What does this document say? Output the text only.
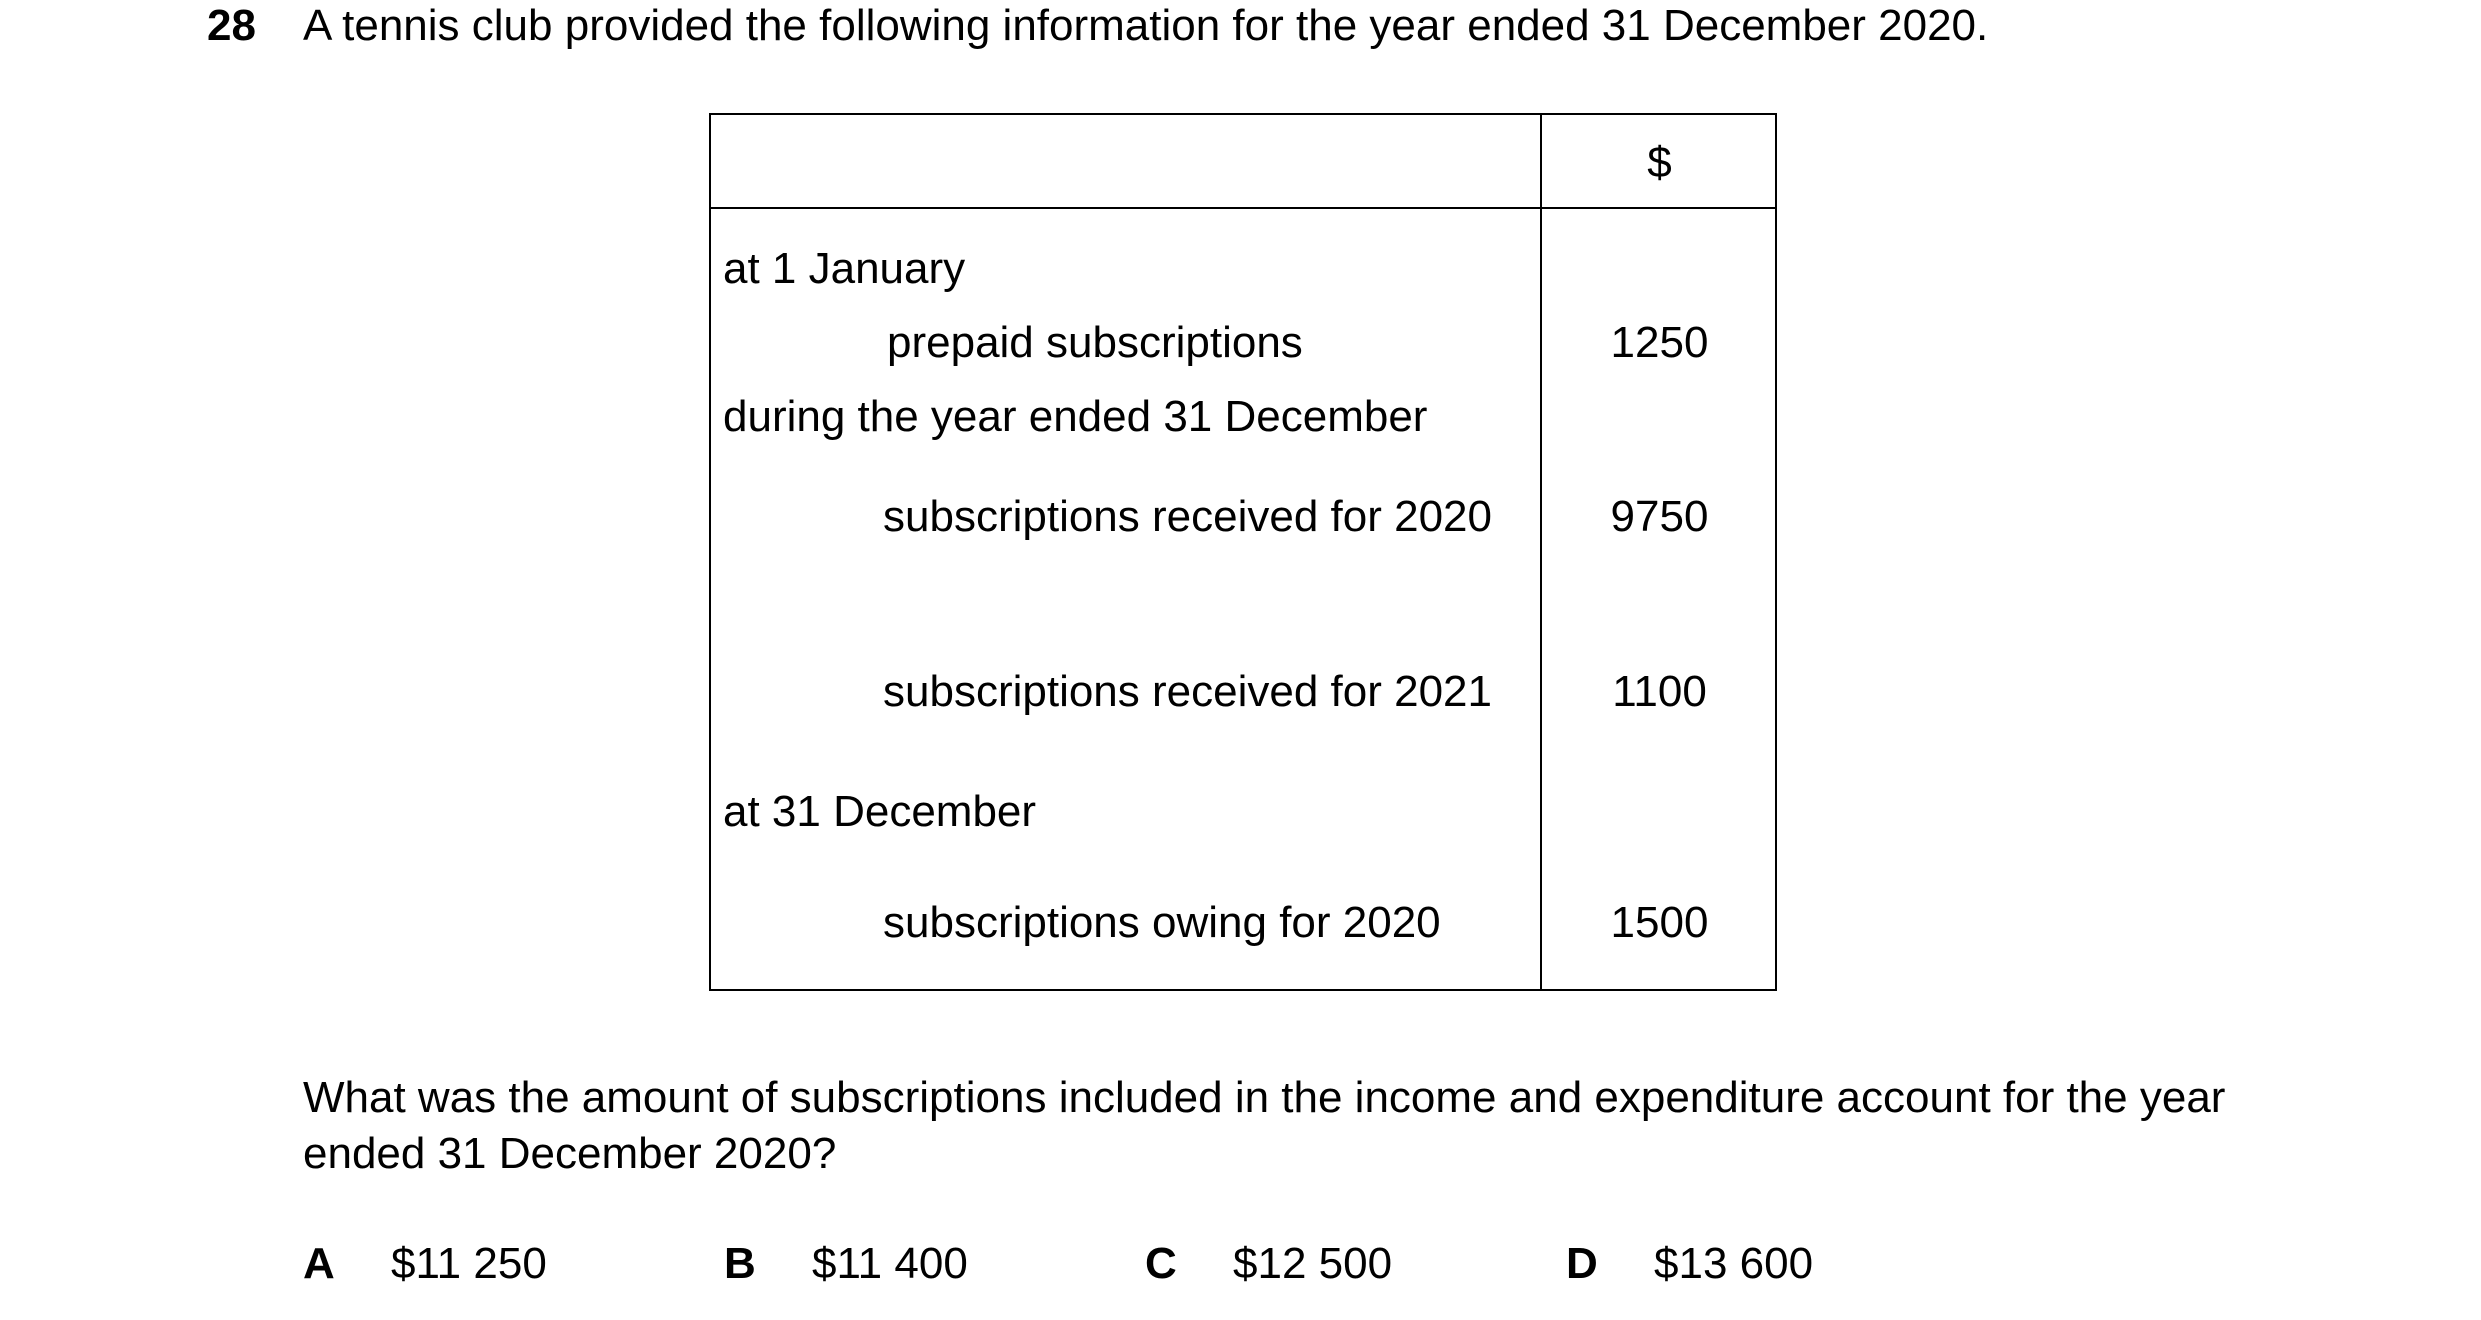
28 A tennis club provided the following information for the year ended 31 December 2020.
$
at 1 January
prepaid subscriptions	1250
during the year ended 31 December
subscriptions received for 2020	9750
subscriptions received for 2021	1100
at 31 December
subscriptions owing for 2020	1500
What was the amount of subscriptions included in the income and expenditure account for the year ended 31 December 2020?
A $11 250	B $11 400	C $12 500	D $13 600
